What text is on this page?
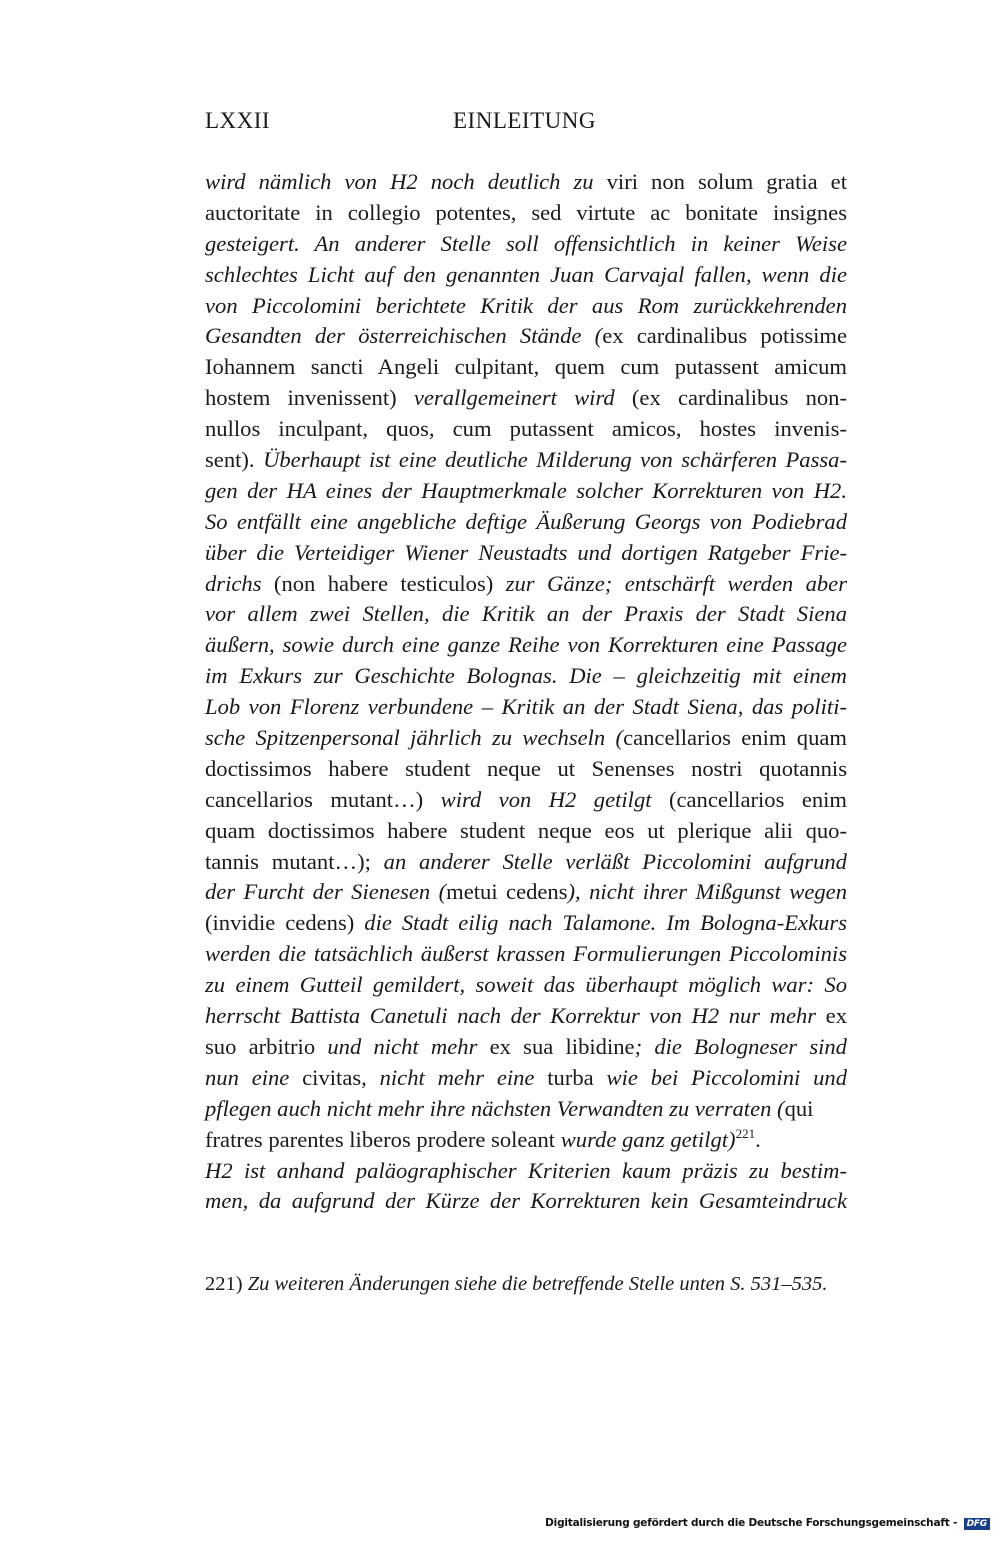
LXXII	EINLEITUNG
wird nämlich von H2 noch deutlich zu viri non solum gratia et
auctoritate in collegio potentes, sed virtute ac bonitate insignes
gesteigert. An anderer Stelle soll offensichtlich in keiner Weise
schlechtes Licht auf den genannten Juan Carvajal fallen, wenn die
von Piccolomini berichtete Kritik der aus Rom zurückkehrenden
Gesandten der österreichischen Stände (ex cardinalibus potissime
Iohannem sancti Angeli culpitant, quem cum putassent amicum
hostem invenissent) verallgemeinert wird (ex cardinalibus non-
nullos inculpant, quos, cum putassent amicos, hostes invenis-
sent). Überhaupt ist eine deutliche Milderung von schärferen Passa-
gen der HA eines der Hauptmerkmale solcher Korrekturen von H2.
So entfällt eine angebliche deftige Äußerung Georgs von Podiebrad
über die Verteidiger Wiener Neustadts und dortigen Ratgeber Frie-
drichs (non habere testiculos) zur Gänze; entschärft werden aber
vor allem zwei Stellen, die Kritik an der Praxis der Stadt Siena
äußern, sowie durch eine ganze Reihe von Korrekturen eine Passage
im Exkurs zur Geschichte Bolognas. Die – gleichzeitig mit einem
Lob von Florenz verbundene – Kritik an der Stadt Siena, das politi-
sche Spitzenpersonal jährlich zu wechseln (cancellarios enim quam
doctissimos habere student neque ut Senenses nostri quotannis
cancellarios mutant…) wird von H2 getilgt (cancellarios enim
quam doctissimos habere student neque eos ut plerique alii quo-
tannis mutant…); an anderer Stelle verläßt Piccolomini aufgrund
der Furcht der Sienesen (metui cedens), nicht ihrer Mißgunst wegen
(invidie cedens) die Stadt eilig nach Talamone. Im Bologna-Exkurs
werden die tatsächlich äußerst krassen Formulierungen Piccolominis
zu einem Gutteil gemildert, soweit das überhaupt möglich war: So
herrscht Battista Canetuli nach der Korrektur von H2 nur mehr ex
suo arbitrio und nicht mehr ex sua libidine; die Bologneser sind
nun eine civitas, nicht mehr eine turba wie bei Piccolomini und
pflegen auch nicht mehr ihre nächsten Verwandten zu verraten (qui
fratres parentes liberos prodere soleant wurde ganz getilgt)$^{221}$.
H2 ist anhand paläographischer Kriterien kaum präzis zu bestim-
men, da aufgrund der Kürze der Korrekturen kein Gesamteindruck
221) Zu weiteren Änderungen siehe die betreffende Stelle unten S. 531–535.
Digitalisierung gefördert durch die Deutsche Forschungsgemeinschaft - DFG
